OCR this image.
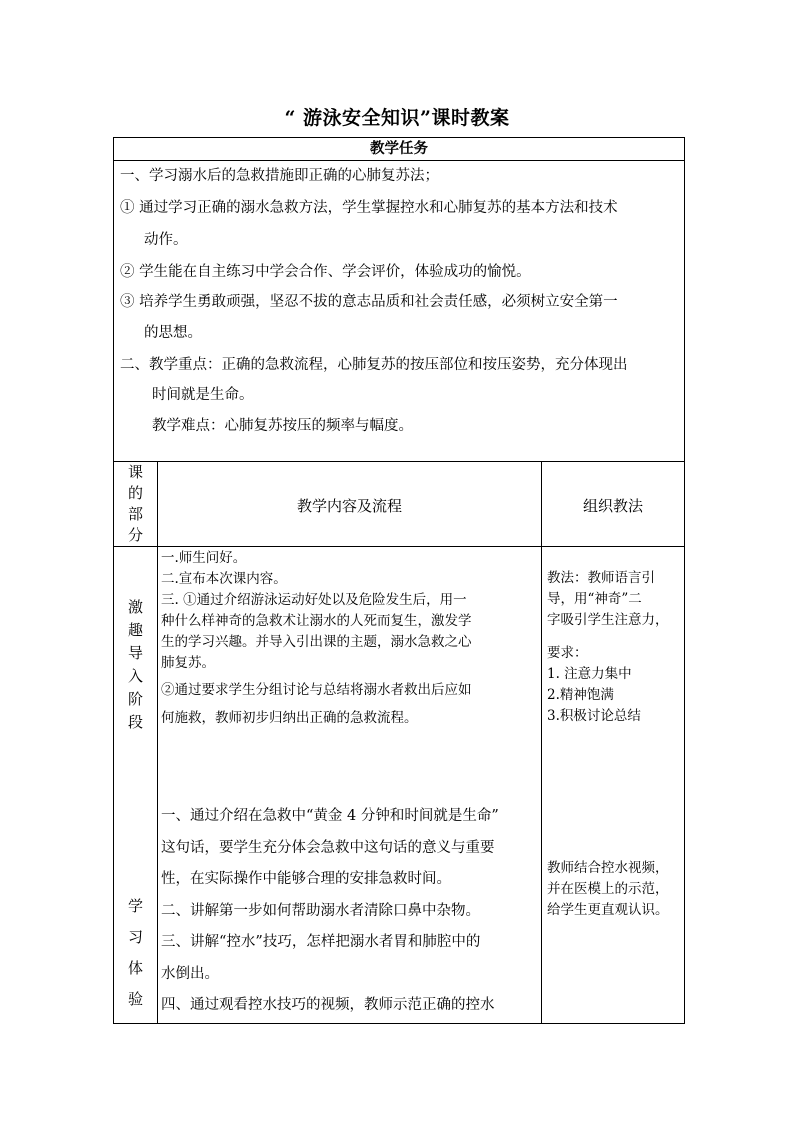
“ 游泳安全知识”课时教案
教学任务
一、学习溺水后的急救措施即正确的心肺复苏法；
① 通过学习正确的溺水急救方法，学生掌握控水和心肺复苏的基本方法和技术
动作。
② 学生能在自主练习中学会合作、学会评价，体验成功的愉悦。
③ 培养学生勇敢顽强，坚忍不拔的意志品质和社会责任感，必须树立安全第一
的思想。
二、教学重点：正确的急救流程，心肺复苏的按压部位和按压姿势，充分体现出
时间就是生命。
教学难点：心肺复苏按压的频率与幅度。
课
的
部
分
教学内容及流程	组织教法
激
趣
导
入
阶
段
一.师生问好。
二.宣布本次课内容。
三. ①通过介绍游泳运动好处以及危险发生后，用一
种什么样神奇的急救术让溺水的人死而复生，激发学
生的学习兴趣。并导入引出课的主题，溺水急救之心
肺复苏。
②通过要求学生分组讨论与总结将溺水者救出后应如
何施救，教师初步归纳出正确的急救流程。
教法：教师语言引
导，用“神奇”二
字吸引学生注意力，
要求：
1. 注意力集中
2.精神饱满
3.积极讨论总结
学
习
体
验
一、通过介绍在急救中“黄金 4 分钟和时间就是生命”
这句话，要学生充分体会急救中这句话的意义与重要
性，在实际操作中能够合理的安排急救时间。
二、讲解第一步如何帮助溺水者清除口鼻中杂物。
三、讲解“控水”技巧，怎样把溺水者胃和肺腔中的
水倒出。
四、通过观看控水技巧的视频，教师示范正确的控水
教师结合控水视频，
并在医模上的示范，
给学生更直观认识。
